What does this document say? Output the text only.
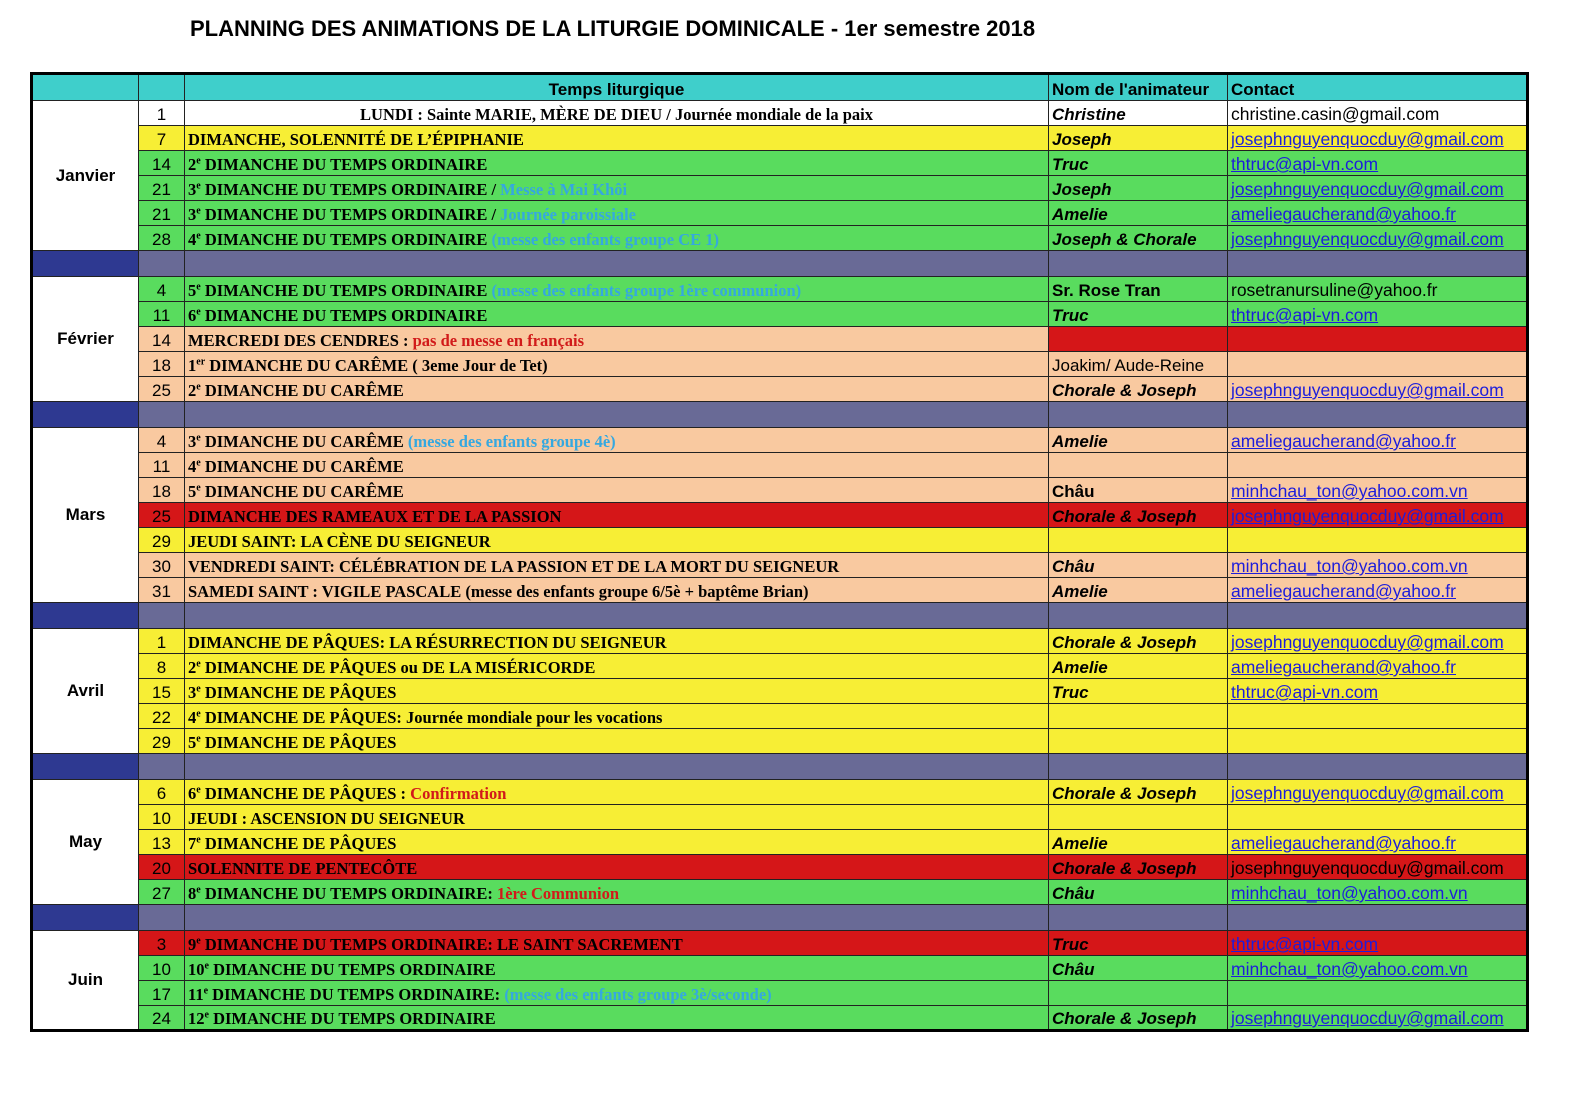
PLANNING DES ANIMATIONS DE LA LITURGIE DOMINICALE - 1er semestre 2018
		Temps liturgique	Nom de l'animateur	Contact
Janvier	1	LUNDI : Sainte MARIE, MÈRE DE DIEU / Journée mondiale de la paix	Christine	christine.casin@gmail.com
	7	DIMANCHE, SOLENNITÉ DE L’ÉPIPHANIE	Joseph	josephnguyenquocduy@gmail.com
	14	2e DIMANCHE DU TEMPS ORDINAIRE	Truc	thtruc@api-vn.com
	21	3e DIMANCHE DU TEMPS ORDINAIRE / Messe à Mai Khôi	Joseph	josephnguyenquocduy@gmail.com
	21	3e DIMANCHE DU TEMPS ORDINAIRE / Journée paroissiale	Amelie	ameliegaucherand@yahoo.fr
	28	4e DIMANCHE DU TEMPS ORDINAIRE (messe des enfants groupe CE 1)	Joseph & Chorale	josephnguyenquocduy@gmail.com

Février	4	5e DIMANCHE DU TEMPS ORDINAIRE (messe des enfants groupe 1ère communion)	Sr. Rose Tran	rosetranursuline@yahoo.fr
	11	6e DIMANCHE DU TEMPS ORDINAIRE	Truc	thtruc@api-vn.com
	14	MERCREDI DES CENDRES : pas de messe en français		
	18	1er DIMANCHE DU CARÊME ( 3eme Jour de Tet)	Joakim/ Aude-Reine	
	25	2e DIMANCHE DU CARÊME	Chorale & Joseph	josephnguyenquocduy@gmail.com

Mars	4	3e DIMANCHE DU CARÊME (messe des enfants groupe 4è)	Amelie	ameliegaucherand@yahoo.fr
	11	4e DIMANCHE DU CARÊME		
	18	5e DIMANCHE DU CARÊME	Châu	minhchau_ton@yahoo.com.vn
	25	DIMANCHE DES RAMEAUX ET DE LA PASSION	Chorale & Joseph	josephnguyenquocduy@gmail.com
	29	JEUDI SAINT: LA CÈNE DU SEIGNEUR		
	30	VENDREDI SAINT: CÉLÉBRATION DE LA PASSION ET DE LA MORT DU SEIGNEUR	Châu	minhchau_ton@yahoo.com.vn
	31	SAMEDI SAINT : VIGILE PASCALE (messe des enfants groupe 6/5è + baptême Brian)	Amelie	ameliegaucherand@yahoo.fr

Avril	1	DIMANCHE DE PÂQUES: LA RÉSURRECTION DU SEIGNEUR	Chorale & Joseph	josephnguyenquocduy@gmail.com
	8	2e DIMANCHE DE PÂQUES ou DE LA MISÉRICORDE	Amelie	ameliegaucherand@yahoo.fr
	15	3e DIMANCHE DE PÂQUES	Truc	thtruc@api-vn.com
	22	4e DIMANCHE DE PÂQUES: Journée mondiale pour les vocations		
	29	5e DIMANCHE DE PÂQUES		

May	6	6e DIMANCHE DE PÂQUES : Confirmation	Chorale & Joseph	josephnguyenquocduy@gmail.com
	10	JEUDI : ASCENSION DU SEIGNEUR		
	13	7e DIMANCHE DE PÂQUES	Amelie	ameliegaucherand@yahoo.fr
	20	SOLENNITE DE PENTECÔTE	Chorale & Joseph	josephnguyenquocduy@gmail.com
	27	8e DIMANCHE DU TEMPS ORDINAIRE: 1ère Communion	Châu	minhchau_ton@yahoo.com.vn

Juin	3	9e DIMANCHE DU TEMPS ORDINAIRE: LE SAINT SACREMENT	Truc	thtruc@api-vn.com
	10	10e DIMANCHE DU TEMPS ORDINAIRE	Châu	minhchau_ton@yahoo.com.vn
	17	11e DIMANCHE DU TEMPS ORDINAIRE: (messe des enfants groupe 3è/seconde)		
	24	12e DIMANCHE DU TEMPS ORDINAIRE	Chorale & Joseph	josephnguyenquocduy@gmail.com
